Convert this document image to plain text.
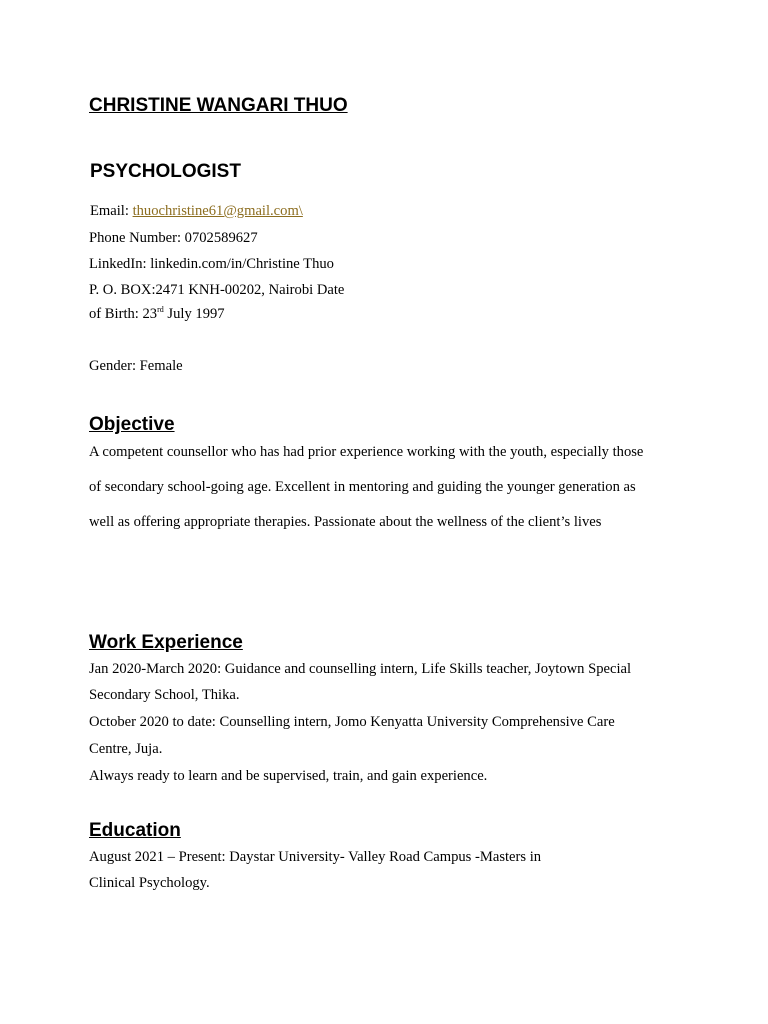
CHRISTINE WANGARI THUO
PSYCHOLOGIST
Email: thuochristine61@gmail.com\
Phone Number: 0702589627
LinkedIn: linkedin.com/in/Christine Thuo
P. O. BOX:2471 KNH-00202, Nairobi Date
of Birth: 23rd July 1997
Gender: Female
Objective
A competent counsellor who has had prior experience working with the youth, especially those
of secondary school-going age. Excellent in mentoring and guiding the younger generation as
well as offering appropriate therapies. Passionate about the wellness of the client’s lives
Work Experience
Jan 2020-March 2020: Guidance and counselling intern, Life Skills teacher, Joytown Special
Secondary School, Thika.
October 2020 to date: Counselling intern, Jomo Kenyatta University Comprehensive Care
Centre, Juja.
Always ready to learn and be supervised, train, and gain experience.
Education
August 2021 – Present: Daystar University- Valley Road Campus -Masters in
Clinical Psychology.
